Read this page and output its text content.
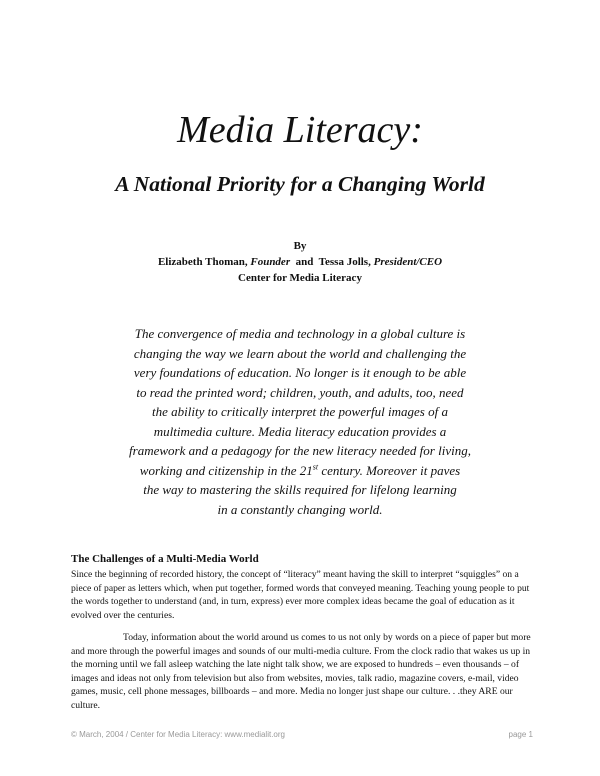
Media Literacy:
A National Priority for a Changing World
By
Elizabeth Thoman, Founder and Tessa Jolls, President/CEO
Center for Media Literacy
The convergence of media and technology in a global culture is
changing the way we learn about the world and challenging the
very foundations of education. No longer is it enough to be able
to read the printed word; children, youth, and adults, too, need
the ability to critically interpret the powerful images of a
multimedia culture. Media literacy education provides a
framework and a pedagogy for the new literacy needed for living,
working and citizenship in the 21st century. Moreover it paves
the way to mastering the skills required for lifelong learning
in a constantly changing world.
The Challenges of a Multi-Media World

Since the beginning of recorded history, the concept of “literacy” meant having the skill to interpret “squiggles” on a piece of paper as letters which, when put together, formed words that conveyed meaning. Teaching young people to put the words together to understand (and, in turn, express) ever more complex ideas became the goal of education as it evolved over the centuries.

Today, information about the world around us comes to us not only by words on a piece of paper but more and more through the powerful images and sounds of our multi-media culture. From the clock radio that wakes us up in the morning until we fall asleep watching the late night talk show, we are exposed to hundreds – even thousands – of images and ideas not only from television but also from websites, movies, talk radio, magazine covers, e-mail, video games, music, cell phone messages, billboards – and more. Media no longer just shape our culture. . .they ARE our culture.

© March, 2004 / Center for Media Literacy: www.medialit.org	page 1
